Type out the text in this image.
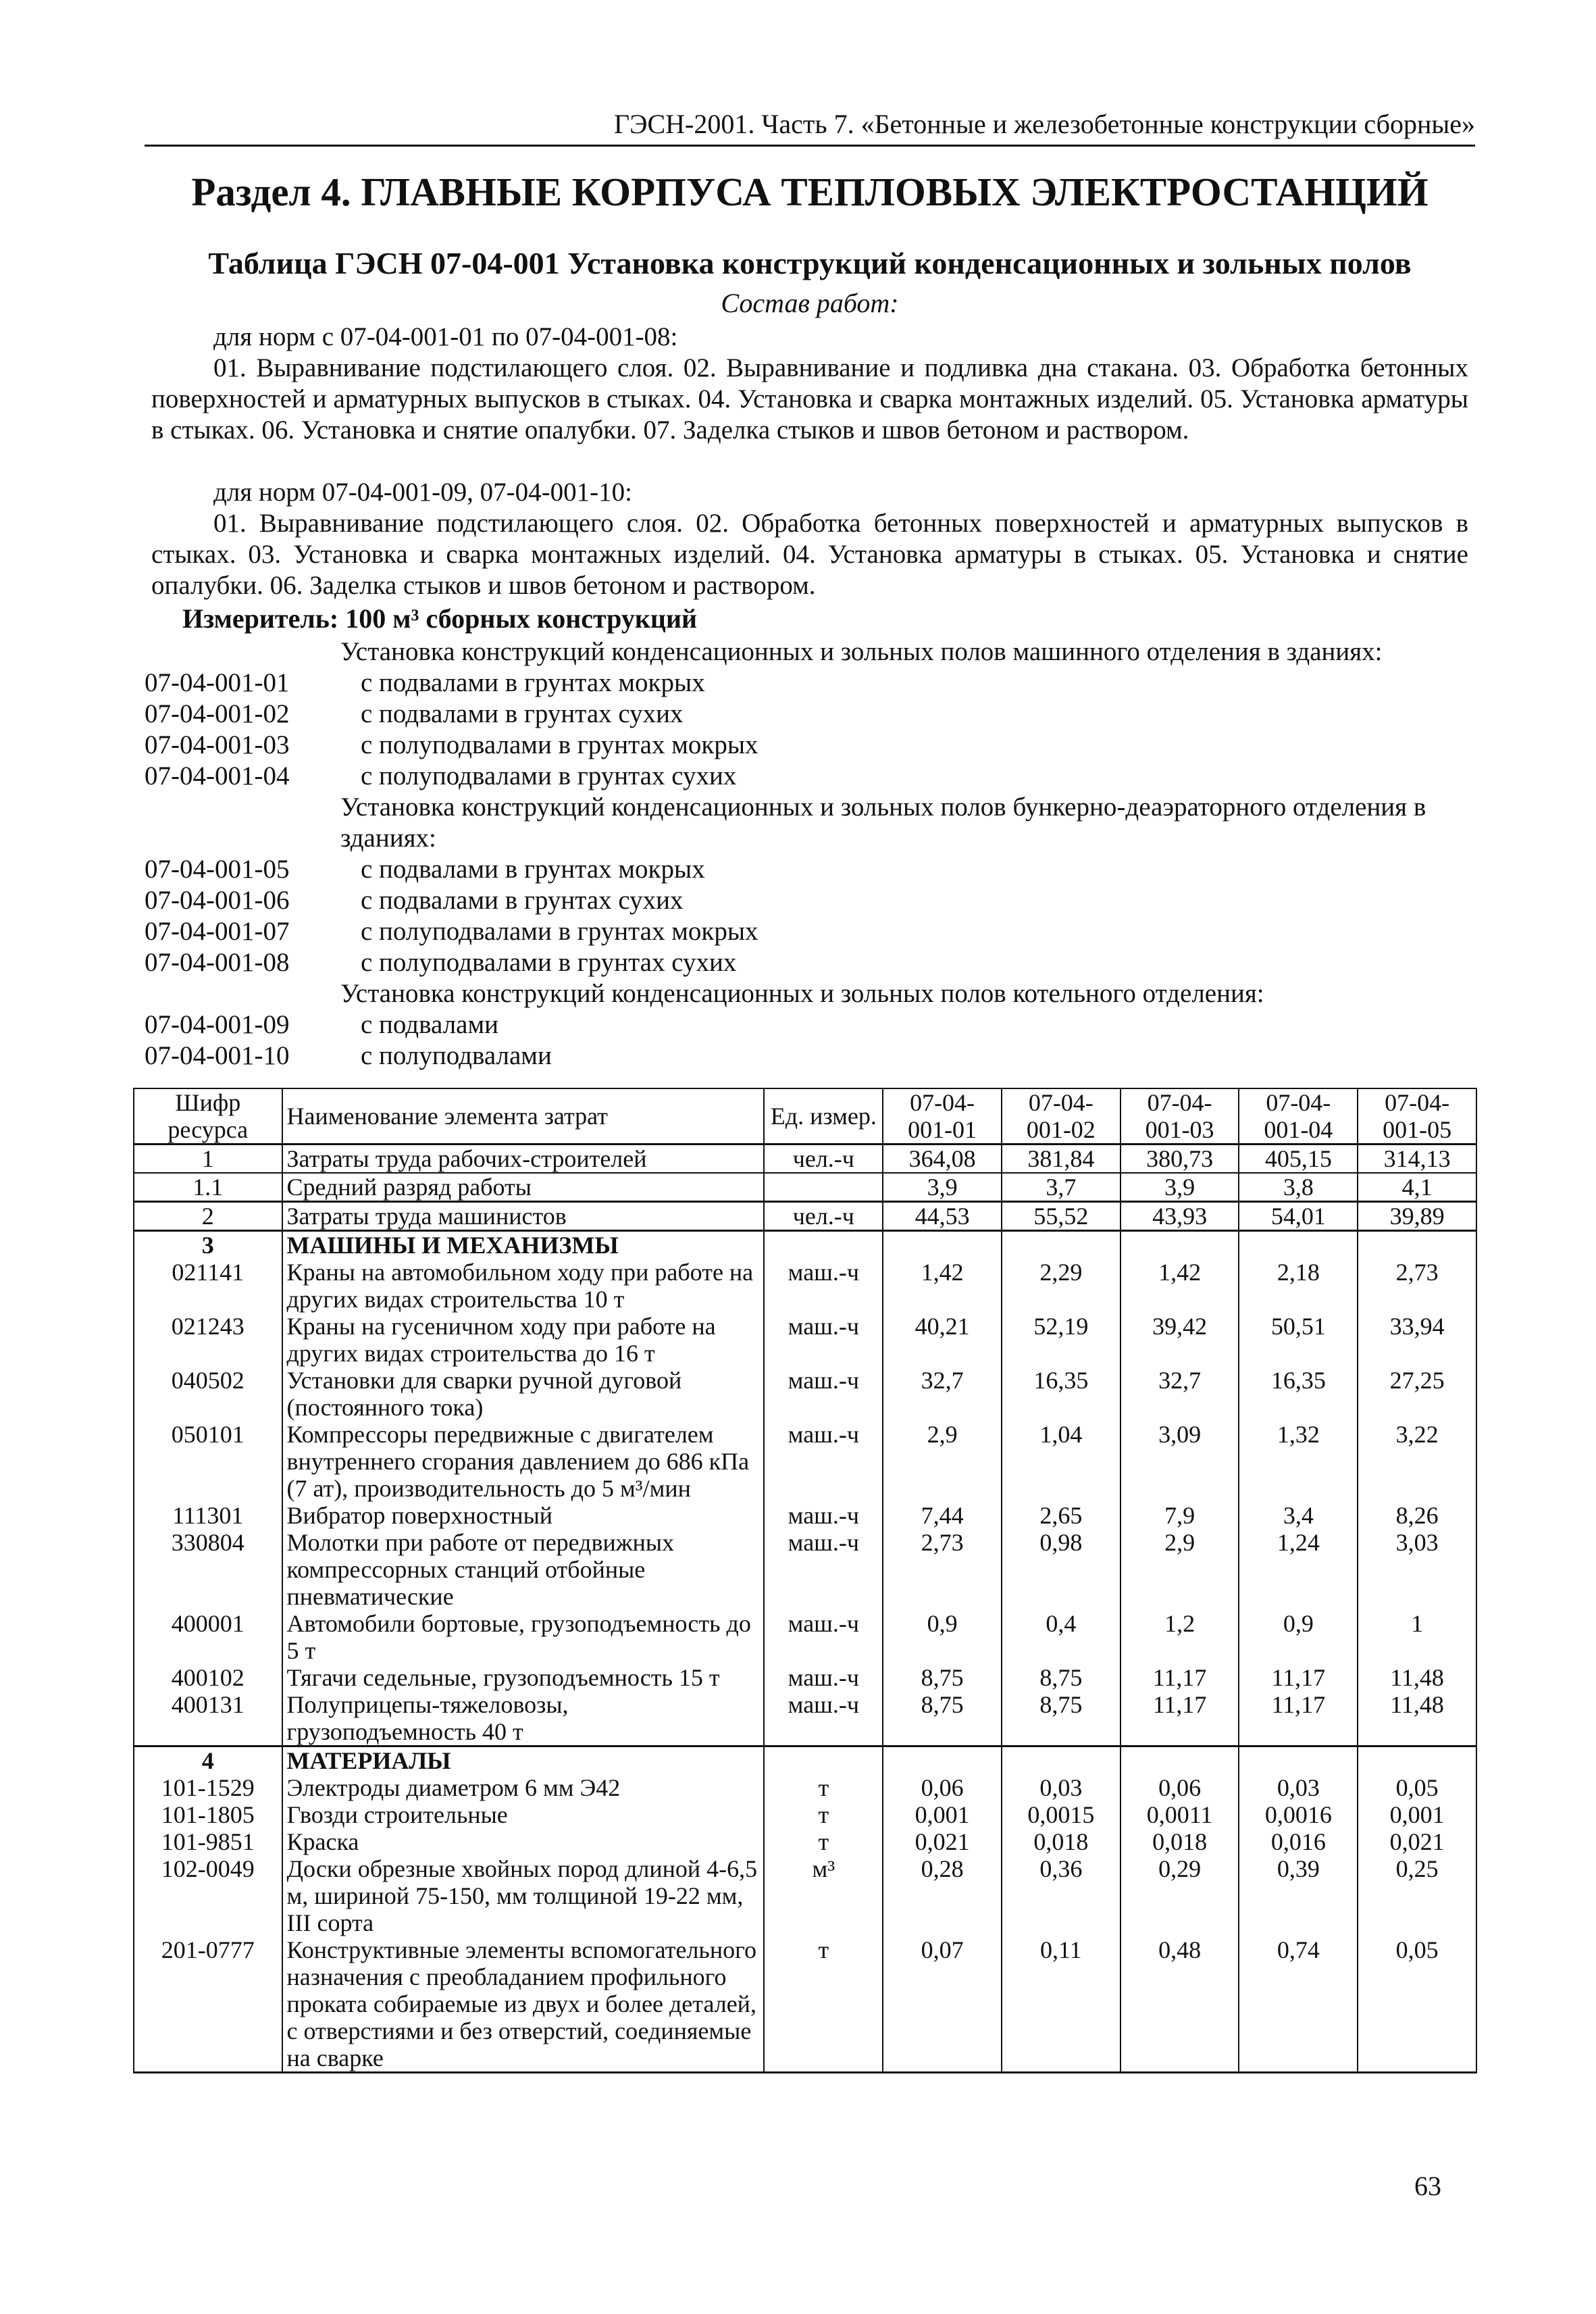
ГЭСН-2001. Часть 7. «Бетонные и железобетонные конструкции сборные»
Раздел 4. ГЛАВНЫЕ КОРПУСА ТЕПЛОВЫХ ЭЛЕКТРОСТАНЦИЙ
Таблица ГЭСН 07-04-001 Установка конструкций конденсационных и зольных полов
Состав работ:
для норм с 07-04-001-01 по 07-04-001-08:
01. Выравнивание подстилающего слоя. 02. Выравнивание и подливка дна стакана. 03. Обработка бетонных поверхностей и арматурных выпусков в стыках. 04. Установка и сварка монтажных изделий. 05. Установка арматуры в стыках. 06. Установка и снятие опалубки. 07. Заделка стыков и швов бетоном и раствором.
для норм 07-04-001-09, 07-04-001-10:
01. Выравнивание подстилающего слоя. 02. Обработка бетонных поверхностей и арматурных выпусков в стыках. 03. Установка и сварка монтажных изделий. 04. Установка арматуры в стыках. 05. Установка и снятие опалубки. 06. Заделка стыков и швов бетоном и раствором.
Измеритель: 100 м³ сборных конструкций
Установка конструкций конденсационных и зольных полов машинного отделения в зданиях:
07-04-001-01	с подвалами в грунтах мокрых
07-04-001-02	с подвалами в грунтах сухих
07-04-001-03	с полуподвалами в грунтах мокрых
07-04-001-04	с полуподвалами в грунтах сухих
Установка конструкций конденсационных и зольных полов бункерно-деаэраторного отделения в зданиях:
07-04-001-05	с подвалами в грунтах мокрых
07-04-001-06	с подвалами в грунтах сухих
07-04-001-07	с полуподвалами в грунтах мокрых
07-04-001-08	с полуподвалами в грунтах сухих
Установка конструкций конденсационных и зольных полов котельного отделения:
07-04-001-09	с подвалами
07-04-001-10	с полуподвалами
Шифр ресурса	Наименование элемента затрат	Ед. измер.	07-04-001-01	07-04-001-02	07-04-001-03	07-04-001-04	07-04-001-05
1	Затраты труда рабочих-строителей	чел.-ч	364,08	381,84	380,73	405,15	314,13
1.1	Средний разряд работы		3,9	3,7	3,9	3,8	4,1
2	Затраты труда машинистов	чел.-ч	44,53	55,52	43,93	54,01	39,89
3	МАШИНЫ И МЕХАНИЗМЫ						
021141	Краны на автомобильном ходу при работе на других видах строительства 10 т	маш.-ч	1,42	2,29	1,42	2,18	2,73
021243	Краны на гусеничном ходу при работе на других видах строительства до 16 т	маш.-ч	40,21	52,19	39,42	50,51	33,94
040502	Установки для сварки ручной дуговой (постоянного тока)	маш.-ч	32,7	16,35	32,7	16,35	27,25
050101	Компрессоры передвижные с двигателем внутреннего сгорания давлением до 686 кПа (7 ат), производительность до 5 м³/мин	маш.-ч	2,9	1,04	3,09	1,32	3,22
111301	Вибратор поверхностный	маш.-ч	7,44	2,65	7,9	3,4	8,26
330804	Молотки при работе от передвижных компрессорных станций отбойные пневматические	маш.-ч	2,73	0,98	2,9	1,24	3,03
400001	Автомобили бортовые, грузоподъемность до 5 т	маш.-ч	0,9	0,4	1,2	0,9	1
400102	Тягачи седельные, грузоподъемность 15 т	маш.-ч	8,75	8,75	11,17	11,17	11,48
400131	Полуприцепы-тяжеловозы, грузоподъемность 40 т	маш.-ч	8,75	8,75	11,17	11,17	11,48
4	МАТЕРИАЛЫ						
101-1529	Электроды диаметром 6 мм Э42	т	0,06	0,03	0,06	0,03	0,05
101-1805	Гвозди строительные	т	0,001	0,0015	0,0011	0,0016	0,001
101-9851	Краска	т	0,021	0,018	0,018	0,016	0,021
102-0049	Доски обрезные хвойных пород длиной 4-6,5 м, шириной 75-150, мм толщиной 19-22 мм, III сорта	м³	0,28	0,36	0,29	0,39	0,25
201-0777	Конструктивные элементы вспомогательного назначения с преобладанием профильного проката собираемые из двух и более деталей, с отверстиями и без отверстий, соединяемые на сварке	т	0,07	0,11	0,48	0,74	0,05
63
